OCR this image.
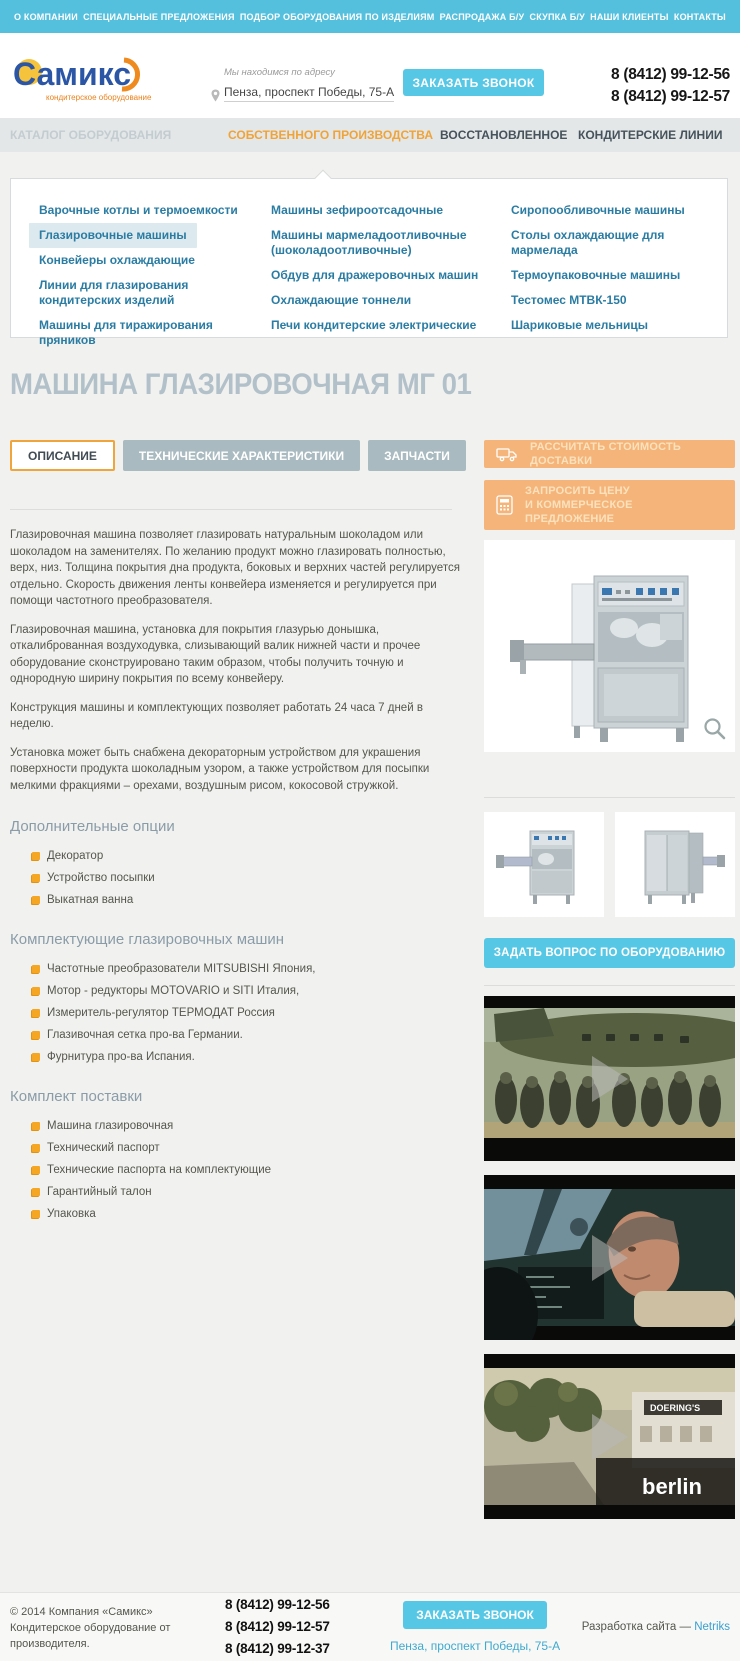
О КОМПАНИИ СПЕЦИАЛЬНЫЕ ПРЕДЛОЖЕНИЯ ПОДБОР ОБОРУДОВАНИЯ ПО ИЗДЕЛИЯМ РАСПРОДАЖА Б/У СКУПКА Б/У НАШИ КЛИЕНТЫ КОНТАКТЫ
Самикс
кондитерское оборудование
Мы находимся по адресу
Пенза, проспект Победы, 75-А
ЗАКАЗАТЬ ЗВОНОК	8 (8412) 99-12-56
8 (8412) 99-12-57
КАТАЛОГ ОБОРУДОВАНИЯ	СОБСТВЕННОГО ПРОИЗВОДСТВА ВОССТАНОВЛЕННОЕ КОНДИТЕРСКИЕ ЛИНИИ
Варочные котлы и термоемкости
Глазировочные машины
Конвейеры охлаждающие
Линии для глазирования кондитерских изделий
Машины для тиражирования пряников
Машины зефироотсадочные
Машины мармеладоотливочные (шоколадоотливочные)
Обдув для дражеровочных машин
Охлаждающие тоннели
Печи кондитерские электрические
Сиропообливочные машины
Столы охлаждающие для мармелада
Термоупаковочные машины
Тестомес МТВК-150
Шариковые мельницы
МАШИНА ГЛАЗИРОВОЧНАЯ МГ 01
ОПИСАНИЕ	ТЕХНИЧЕСКИЕ ХАРАКТЕРИСТИКИ	ЗАПЧАСТИ

Глазировочная машина позволяет глазировать натуральным шоколадом или шоколадом на заменителях. По желанию продукт можно глазировать полностью, верх, низ. Толщина покрытия дна продукта, боковых и верхних частей регулируется отдельно. Скорость движения ленты конвейера изменяется и регулируется при помощи частотного преобразователя.

Глазировочная машина, установка для покрытия глазурью донышка, откалиброванная воздуходувка, слизывающий валик нижней части и прочее оборудование сконструировано таким образом, чтобы получить точную и однородную ширину покрытия по всему конвейеру.

Конструкция машины и комплектующих позволяет работать 24 часа 7 дней в неделю.

Установка может быть снабжена декораторным устройством для украшения поверхности продукта шоколадным узором, а также устройством для посыпки мелкими фракциями – орехами, воздушным рисом, кокосовой стружкой.

Дополнительные опции
Декоратор
Устройство посыпки
Выкатная ванна
Комплектующие глазировочных машин
Частотные преобразователи MITSUBISHI Япония,
Мотор - редукторы MOTOVARIO и SITI Италия,
Измеритель-регулятор ТЕРМОДАТ Россия
Глазивочная сетка про-ва Германии.
Фурнитура про-ва Испания.
Комплект поставки
Машина глазировочная
Технический паспорт
Технические паспорта на комплектующие
Гарантийный талон
Упаковка
РАССЧИТАТЬ СТОИМОСТЬ ДОСТАВКИ
ЗАПРОСИТЬ ЦЕНУ
И КОММЕРЧЕСКОЕ ПРЕДЛОЖЕНИЕ
ЗАДАТЬ ВОПРОС ПО ОБОРУДОВАНИЮ
DOERING'S
berlin
© 2014 Компания «Самикс»
Кондитерское оборудование от производителя.
8 (8412) 99-12-56
8 (8412) 99-12-57
8 (8412) 99-12-37
ЗАКАЗАТЬ ЗВОНОК
Пенза, проспект Победы, 75-А
Разработка сайта — Netriks
